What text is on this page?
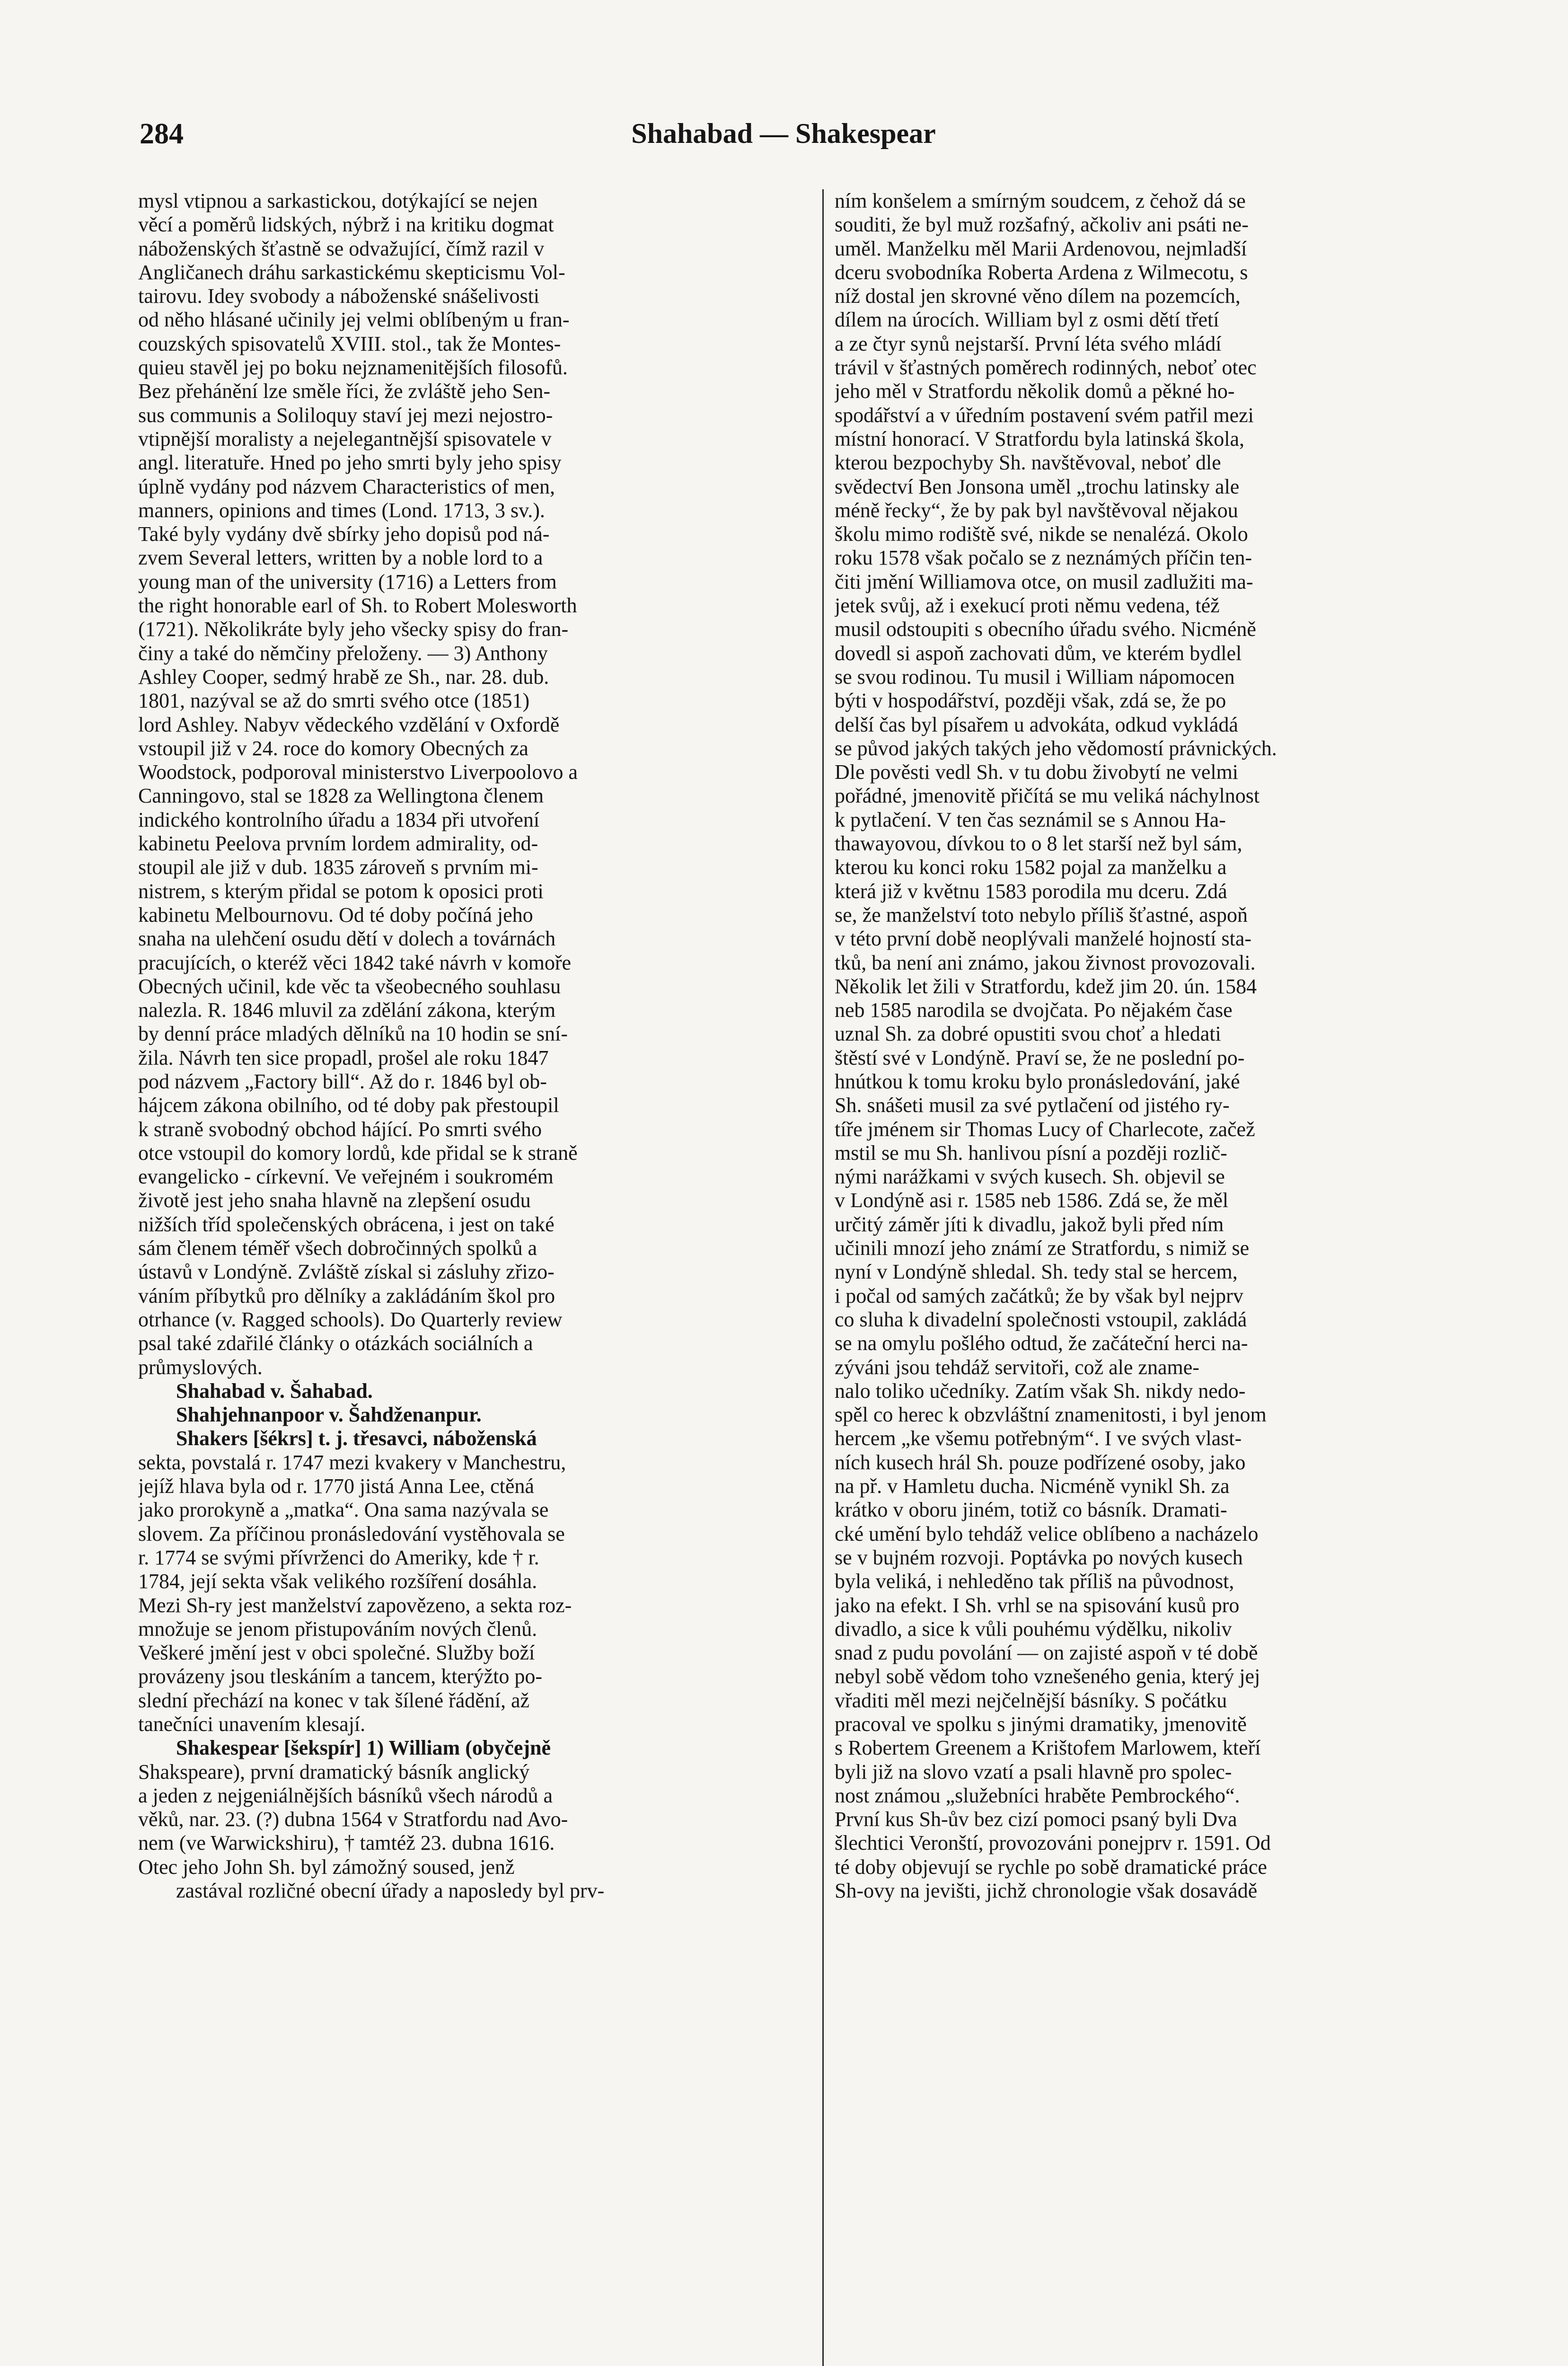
284	Shahabad — Shakespear
mysl vtipnou a sarkastickou, dotýkající se nejen
věcí a poměrů lidských, nýbrž i na kritiku dogmat
náboženských šťastně se odvažující, čímž razil v
Angličanech dráhu sarkastickému skepticismu Vol-
tairovu. Idey svobody a náboženské snášelivosti
od něho hlásané učinily jej velmi oblíbeným u fran-
couzských spisovatelů XVIII. stol., tak že Montes-
quieu stavěl jej po boku nejznamenitějších filosofů.
Bez přehánění lze směle říci, že zvláště jeho Sen-
sus communis a Soliloquy staví jej mezi nejostro-
vtipnější moralisty a nejelegantnější spisovatele v
angl. literatuře. Hned po jeho smrti byly jeho spisy
úplně vydány pod názvem Characteristics of men,
manners, opinions and times (Lond. 1713, 3 sv.).
Také byly vydány dvě sbírky jeho dopisů pod ná-
zvem Several letters, written by a noble lord to a
young man of the university (1716) a Letters from
the right honorable earl of Sh. to Robert Molesworth
(1721). Několikráte byly jeho všecky spisy do fran-
činy a také do němčiny přeloženy. — 3) Anthony
Ashley Cooper, sedmý hrabě ze Sh., nar. 28. dub.
1801, nazýval se až do smrti svého otce (1851)
lord Ashley. Nabyv vědeckého vzdělání v Oxfordě
vstoupil již v 24. roce do komory Obecných za
Woodstock, podporoval ministerstvo Liverpoolovo a
Canningovo, stal se 1828 za Wellingtona členem
indického kontrolního úřadu a 1834 při utvoření
kabinetu Peelova prvním lordem admirality, od-
stoupil ale již v dub. 1835 zároveň s prvním mi-
nistrem, s kterým přidal se potom k oposici proti
kabinetu Melbournovu. Od té doby počíná jeho
snaha na ulehčení osudu dětí v dolech a továrnách
pracujících, o kteréž věci 1842 také návrh v komoře
Obecných učinil, kde věc ta všeobecného souhlasu
nalezla. R. 1846 mluvil za zdělání zákona, kterým
by denní práce mladých dělníků na 10 hodin se sní-
žila. Návrh ten sice propadl, prošel ale roku 1847
pod názvem „Factory bill“. Až do r. 1846 byl ob-
hájcem zákona obilního, od té doby pak přestoupil
k straně svobodný obchod hájící. Po smrti svého
otce vstoupil do komory lordů, kde přidal se k straně
evangelicko - církevní. Ve veřejném i soukromém
životě jest jeho snaha hlavně na zlepšení osudu
nižších tříd společenských obrácena, i jest on také
sám členem téměř všech dobročinných spolků a
ústavů v Londýně. Zvláště získal si zásluhy zřizo-
váním příbytků pro dělníky a zakládáním škol pro
otrhance (v. Ragged schools). Do Quarterly review
psal také zdařilé články o otázkách sociálních a
průmyslových.
Shahabad v. Šahabad.
Shahjehnanpoor v. Šahdženanpur.
Shakers [šékrs] t. j. třesavci, náboženská
sekta, povstalá r. 1747 mezi kvakery v Manchestru,
jejíž hlava byla od r. 1770 jistá Anna Lee, ctěná
jako prorokyně a „matka“. Ona sama nazývala se
slovem. Za příčinou pronásledování vystěhovala se
r. 1774 se svými přívrženci do Ameriky, kde † r.
1784, její sekta však velikého rozšíření dosáhla.
Mezi Sh-ry jest manželství zapovězeno, a sekta roz-
množuje se jenom přistupováním nových členů.
Veškeré jmění jest v obci společné. Služby boží
provázeny jsou tleskáním a tancem, kterýžto po-
slední přechází na konec v tak šílené řádění, až
tanečníci unavením klesají.
Shakespear [šekspír] 1) William (obyčejně
Shakspeare), první dramatický básník anglický
a jeden z nejgeniálnějších básníků všech národů a
věků, nar. 23. (?) dubna 1564 v Stratfordu nad Avo-
nem (ve Warwickshiru), † tamtéž 23. dubna 1616.
Otec jeho John Sh. byl zámožný soused, jenž
zastával rozličné obecní úřady a naposledy byl prv-
ním konšelem a smírným soudcem, z čehož dá se
souditi, že byl muž rozšafný, ačkoliv ani psáti ne-
uměl. Manželku měl Marii Ardenovou, nejmladší
dceru svobodníka Roberta Ardena z Wilmecotu, s
níž dostal jen skrovné věno dílem na pozemcích,
dílem na úrocích. William byl z osmi dětí třetí
a ze čtyr synů nejstarší. První léta svého mládí
trávil v šťastných poměrech rodinných, neboť otec
jeho měl v Stratfordu několik domů a pěkné ho-
spodářství a v úředním postavení svém patřil mezi
místní honorací. V Stratfordu byla latinská škola,
kterou bezpochyby Sh. navštěvoval, neboť dle
svědectví Ben Jonsona uměl „trochu latinsky ale
méně řecky“, že by pak byl navštěvoval nějakou
školu mimo rodiště své, nikde se nenalézá. Okolo
roku 1578 však počalo se z neznámých příčin ten-
čiti jmění Williamova otce, on musil zadlužiti ma-
jetek svůj, až i exekucí proti němu vedena, též
musil odstoupiti s obecního úřadu svého. Nicméně
dovedl si aspoň zachovati dům, ve kterém bydlel
se svou rodinou. Tu musil i William nápomocen
býti v hospodářství, později však, zdá se, že po
delší čas byl písařem u advokáta, odkud vykládá
se původ jakých takých jeho vědomostí právnických.
Dle pověsti vedl Sh. v tu dobu živobytí ne velmi
pořádné, jmenovitě přičítá se mu veliká náchylnost
k pytlačení. V ten čas seznámil se s Annou Ha-
thawayovou, dívkou to o 8 let starší než byl sám,
kterou ku konci roku 1582 pojal za manželku a
která již v květnu 1583 porodila mu dceru. Zdá
se, že manželství toto nebylo příliš šťastné, aspoň
v této první době neoplývali manželé hojností sta-
tků, ba není ani známo, jakou živnost provozovali.
Několik let žili v Stratfordu, kdež jim 20. ún. 1584
neb 1585 narodila se dvojčata. Po nějakém čase
uznal Sh. za dobré opustiti svou choť a hledati
štěstí své v Londýně. Praví se, že ne poslední po-
hnútkou k tomu kroku bylo pronásledování, jaké
Sh. snášeti musil za své pytlačení od jistého ry-
tíře jménem sir Thomas Lucy of Charlecote, začež
mstil se mu Sh. hanlivou písní a později rozlič-
nými narážkami v svých kusech. Sh. objevil se
v Londýně asi r. 1585 neb 1586. Zdá se, že měl
určitý záměr jíti k divadlu, jakož byli před ním
učinili mnozí jeho známí ze Stratfordu, s nimiž se
nyní v Londýně shledal. Sh. tedy stal se hercem,
i počal od samých začátků; že by však byl nejprv
co sluha k divadelní společnosti vstoupil, zakládá
se na omylu pošlého odtud, že začáteční herci na-
zýváni jsou tehdáž servitoři, což ale zname-
nalo toliko učedníky. Zatím však Sh. nikdy nedo-
spěl co herec k obzvláštní znamenitosti, i byl jenom
hercem „ke všemu potřebným“. I ve svých vlast-
ních kusech hrál Sh. pouze podřízené osoby, jako
na př. v Hamletu ducha. Nicméně vynikl Sh. za
krátko v oboru jiném, totiž co básník. Dramati-
cké umění bylo tehdáž velice oblíbeno a nacházelo
se v bujném rozvoji. Poptávka po nových kusech
byla veliká, i nehleděno tak příliš na původnost,
jako na efekt. I Sh. vrhl se na spisování kusů pro
divadlo, a sice k vůli pouhému výdělku, nikoliv
snad z pudu povolání — on zajisté aspoň v té době
nebyl sobě vědom toho vznešeného genia, který jej
vřaditi měl mezi nejčelnější básníky. S počátku
pracoval ve spolku s jinými dramatiky, jmenovitě
s Robertem Greenem a Krištofem Marlowem, kteří
byli již na slovo vzatí a psali hlavně pro spolec-
nost známou „služebníci hraběte Pembrockého“.
První kus Sh-ův bez cizí pomoci psaný byli Dva
šlechtici Veronští, provozováni ponejprv r. 1591. Od
té doby objevují se rychle po sobě dramatické práce
Sh-ovy na jevišti, jichž chronologie však dosavádě
